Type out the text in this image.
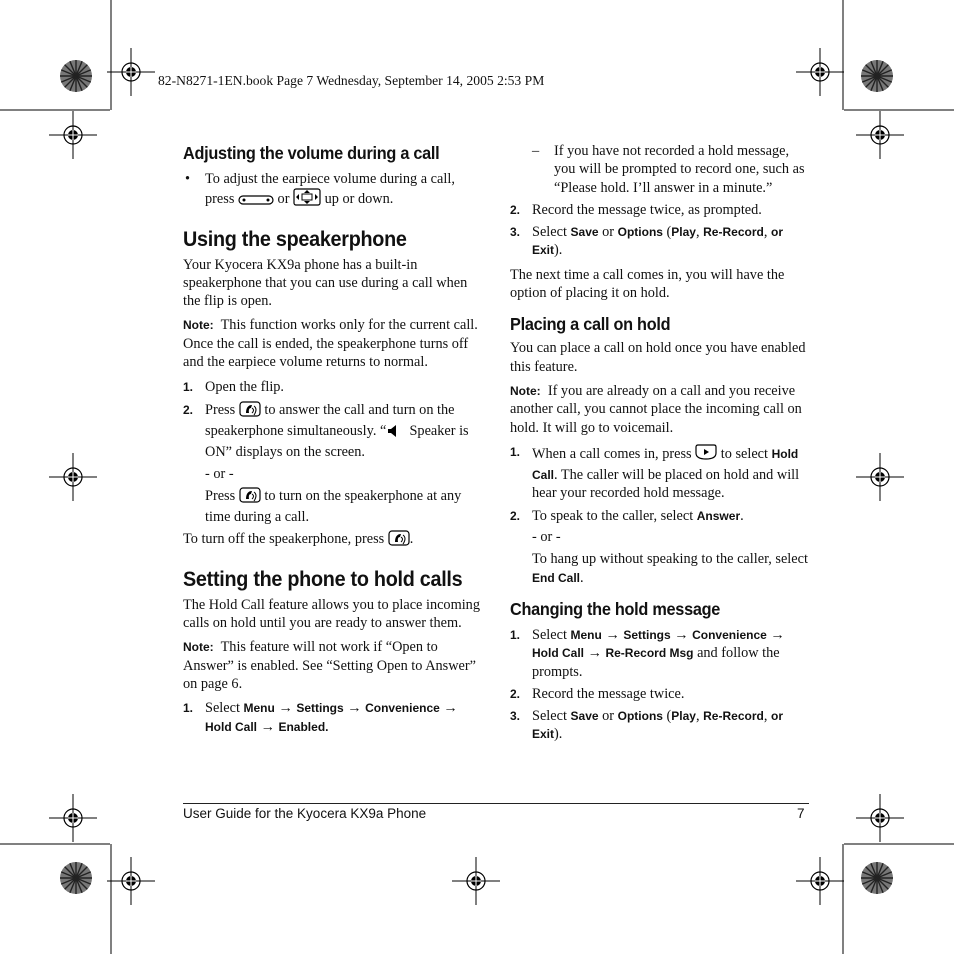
82-N8271-1EN.book Page 7 Wednesday, September 14, 2005 2:53 PM
Adjusting the volume during a call
• To adjust the earpiece volume during a call,
press	or up or down.
Using the speakerphone

Your Kyocera KX9a phone has a built-in speakerphone that you can use during a call when the flip is open.

Note: This function works only for the current call. Once the call is ended, the speakerphone turns off and the earpiece volume returns to normal.

1. Open the flip.
2. Press to answer the call and turn on the speakerphone simultaneously. “ Speaker is ON” displays on the screen.
- or -
Press to turn on the speakerphone at any time during a call.

To turn off the speakerphone, press .

Setting the phone to hold calls

The Hold Call feature allows you to place incoming calls on hold until you are ready to answer them.

Note: This feature will not work if “Open to Answer” is enabled. See “Setting Open to Answer” on page 6.

1. Select Menu → Settings → Convenience → Hold Call → Enabled.
– If you have not recorded a hold message, you will be prompted to record one, such as “Please hold. I’ll answer in a minute.”
2. Record the message twice, as prompted.
3. Select Save or Options (Play, Re-Record, or Exit).

The next time a call comes in, you will have the option of placing it on hold.

Placing a call on hold

You can place a call on hold once you have enabled this feature.

Note: If you are already on a call and you receive another call, you cannot place the incoming call on hold. It will go to voicemail.

1. When a call comes in, press to select Hold Call. The caller will be placed on hold and will hear your recorded hold message.
2. To speak to the caller, select Answer.
- or -
To hang up without speaking to the caller, select End Call.
Changing the hold message
1. Select Menu → Settings → Convenience → Hold Call → Re-Record Msg and follow the prompts.
2. Record the message twice.
3. Select Save or Options (Play, Re-Record, or Exit).
User Guide for the Kyocera KX9a Phone	7
